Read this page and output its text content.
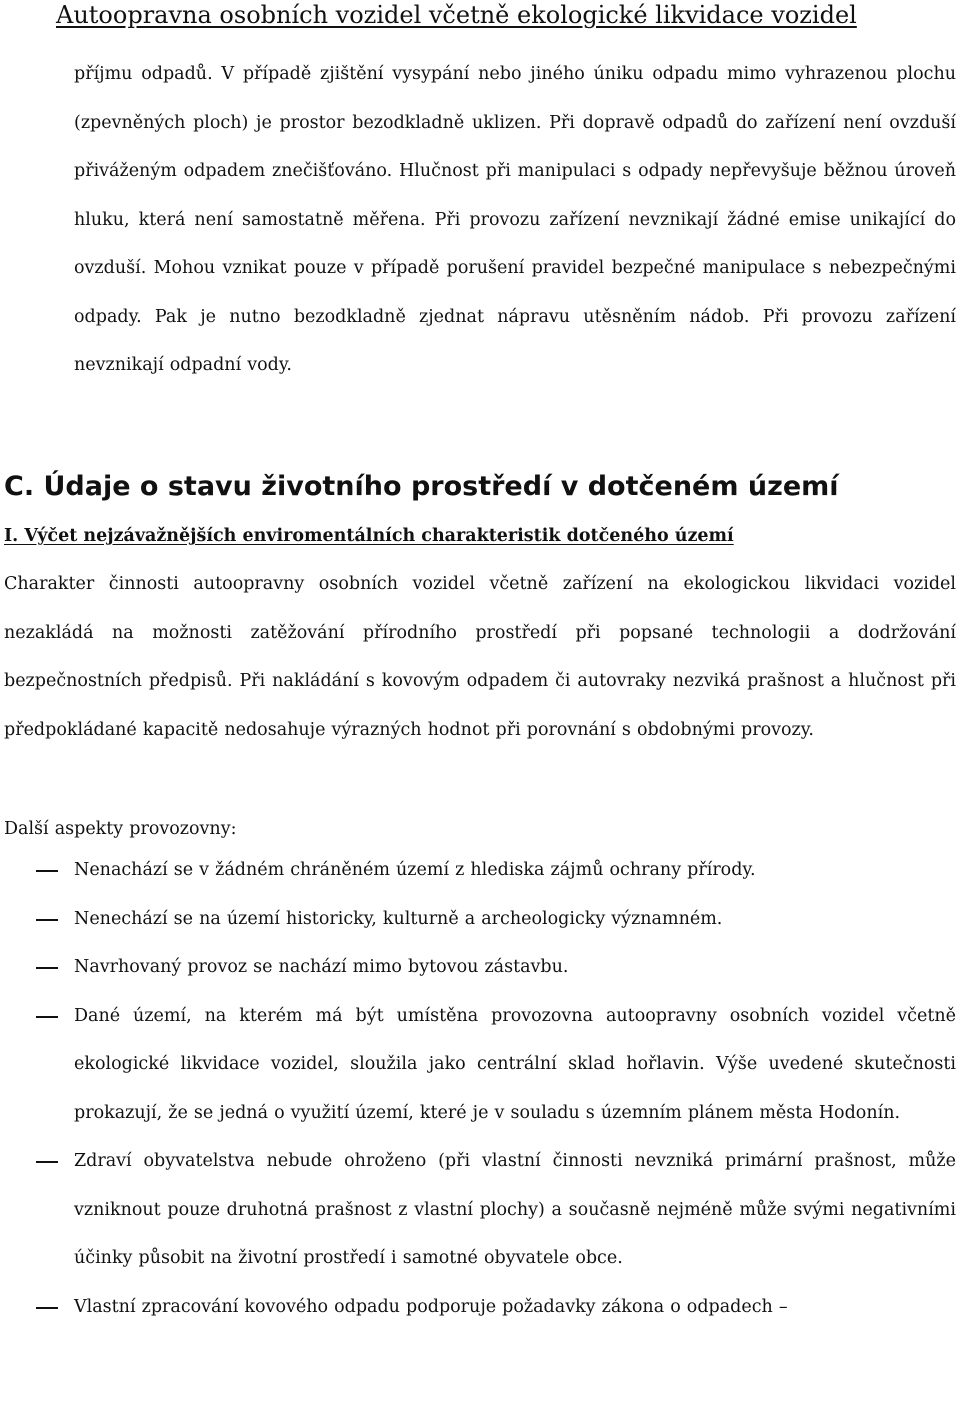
Autoopravna osobních vozidel včetně ekologické likvidace vozidel

příjmu odpadů. V případě zjištění vysypání nebo jiného úniku odpadu mimo vyhrazenou plochu (zpevněných ploch) je prostor bezodkladně uklizen. Při dopravě odpadů do zařízení není ovzduší přiváženým odpadem znečišťováno. Hlučnost při manipulaci s odpady nepřevyšuje běžnou úroveň hluku, která není samostatně měřena. Při provozu zařízení nevznikají žádné emise unikající do ovzduší. Mohou vznikat pouze v případě porušení pravidel bezpečné manipulace s nebezpečnými odpady. Pak je nutno bezodkladně zjednat nápravu utěsněním nádob. Při provozu zařízení nevznikají odpadní vody.

C. Údaje o stavu životního prostředí v dotčeném území
I. Výčet nejzávažnějších enviromentálních charakteristik dotčeného území

Charakter činnosti autoopravny osobních vozidel včetně zařízení na ekologickou likvidaci vozidel nezakládá na možnosti zatěžování přírodního prostředí při popsané technologii a dodržování bezpečnostních předpisů. Při nakládání s kovovým odpadem či autovraky nezviká prašnost a hlučnost při předpokládané kapacitě nedosahuje výrazných hodnot při porovnání s obdobnými provozy.

Další aspekty provozovny:

Nenachází se v žádném chráněném území z hlediska zájmů ochrany přírody.
Nenechází se na území historicky, kulturně a archeologicky významném.
Navrhovaný provoz se nachází mimo bytovou zástavbu.
Dané území, na kterém má být umístěna provozovna autoopravny osobních vozidel včetně ekologické likvidace vozidel, sloužila jako centrální sklad hořlavin. Výše uvedené skutečnosti prokazují, že se jedná o využití území, které je v souladu s územním plánem města Hodonín.
Zdraví obyvatelstva nebude ohroženo (při vlastní činnosti nevzniká primární prašnost, může vzniknout pouze druhotná prašnost z vlastní plochy) a současně nejméně může svými negativními účinky působit na životní prostředí i samotné obyvatele obce.
Vlastní zpracování kovového odpadu podporuje požadavky zákona o odpadech –
